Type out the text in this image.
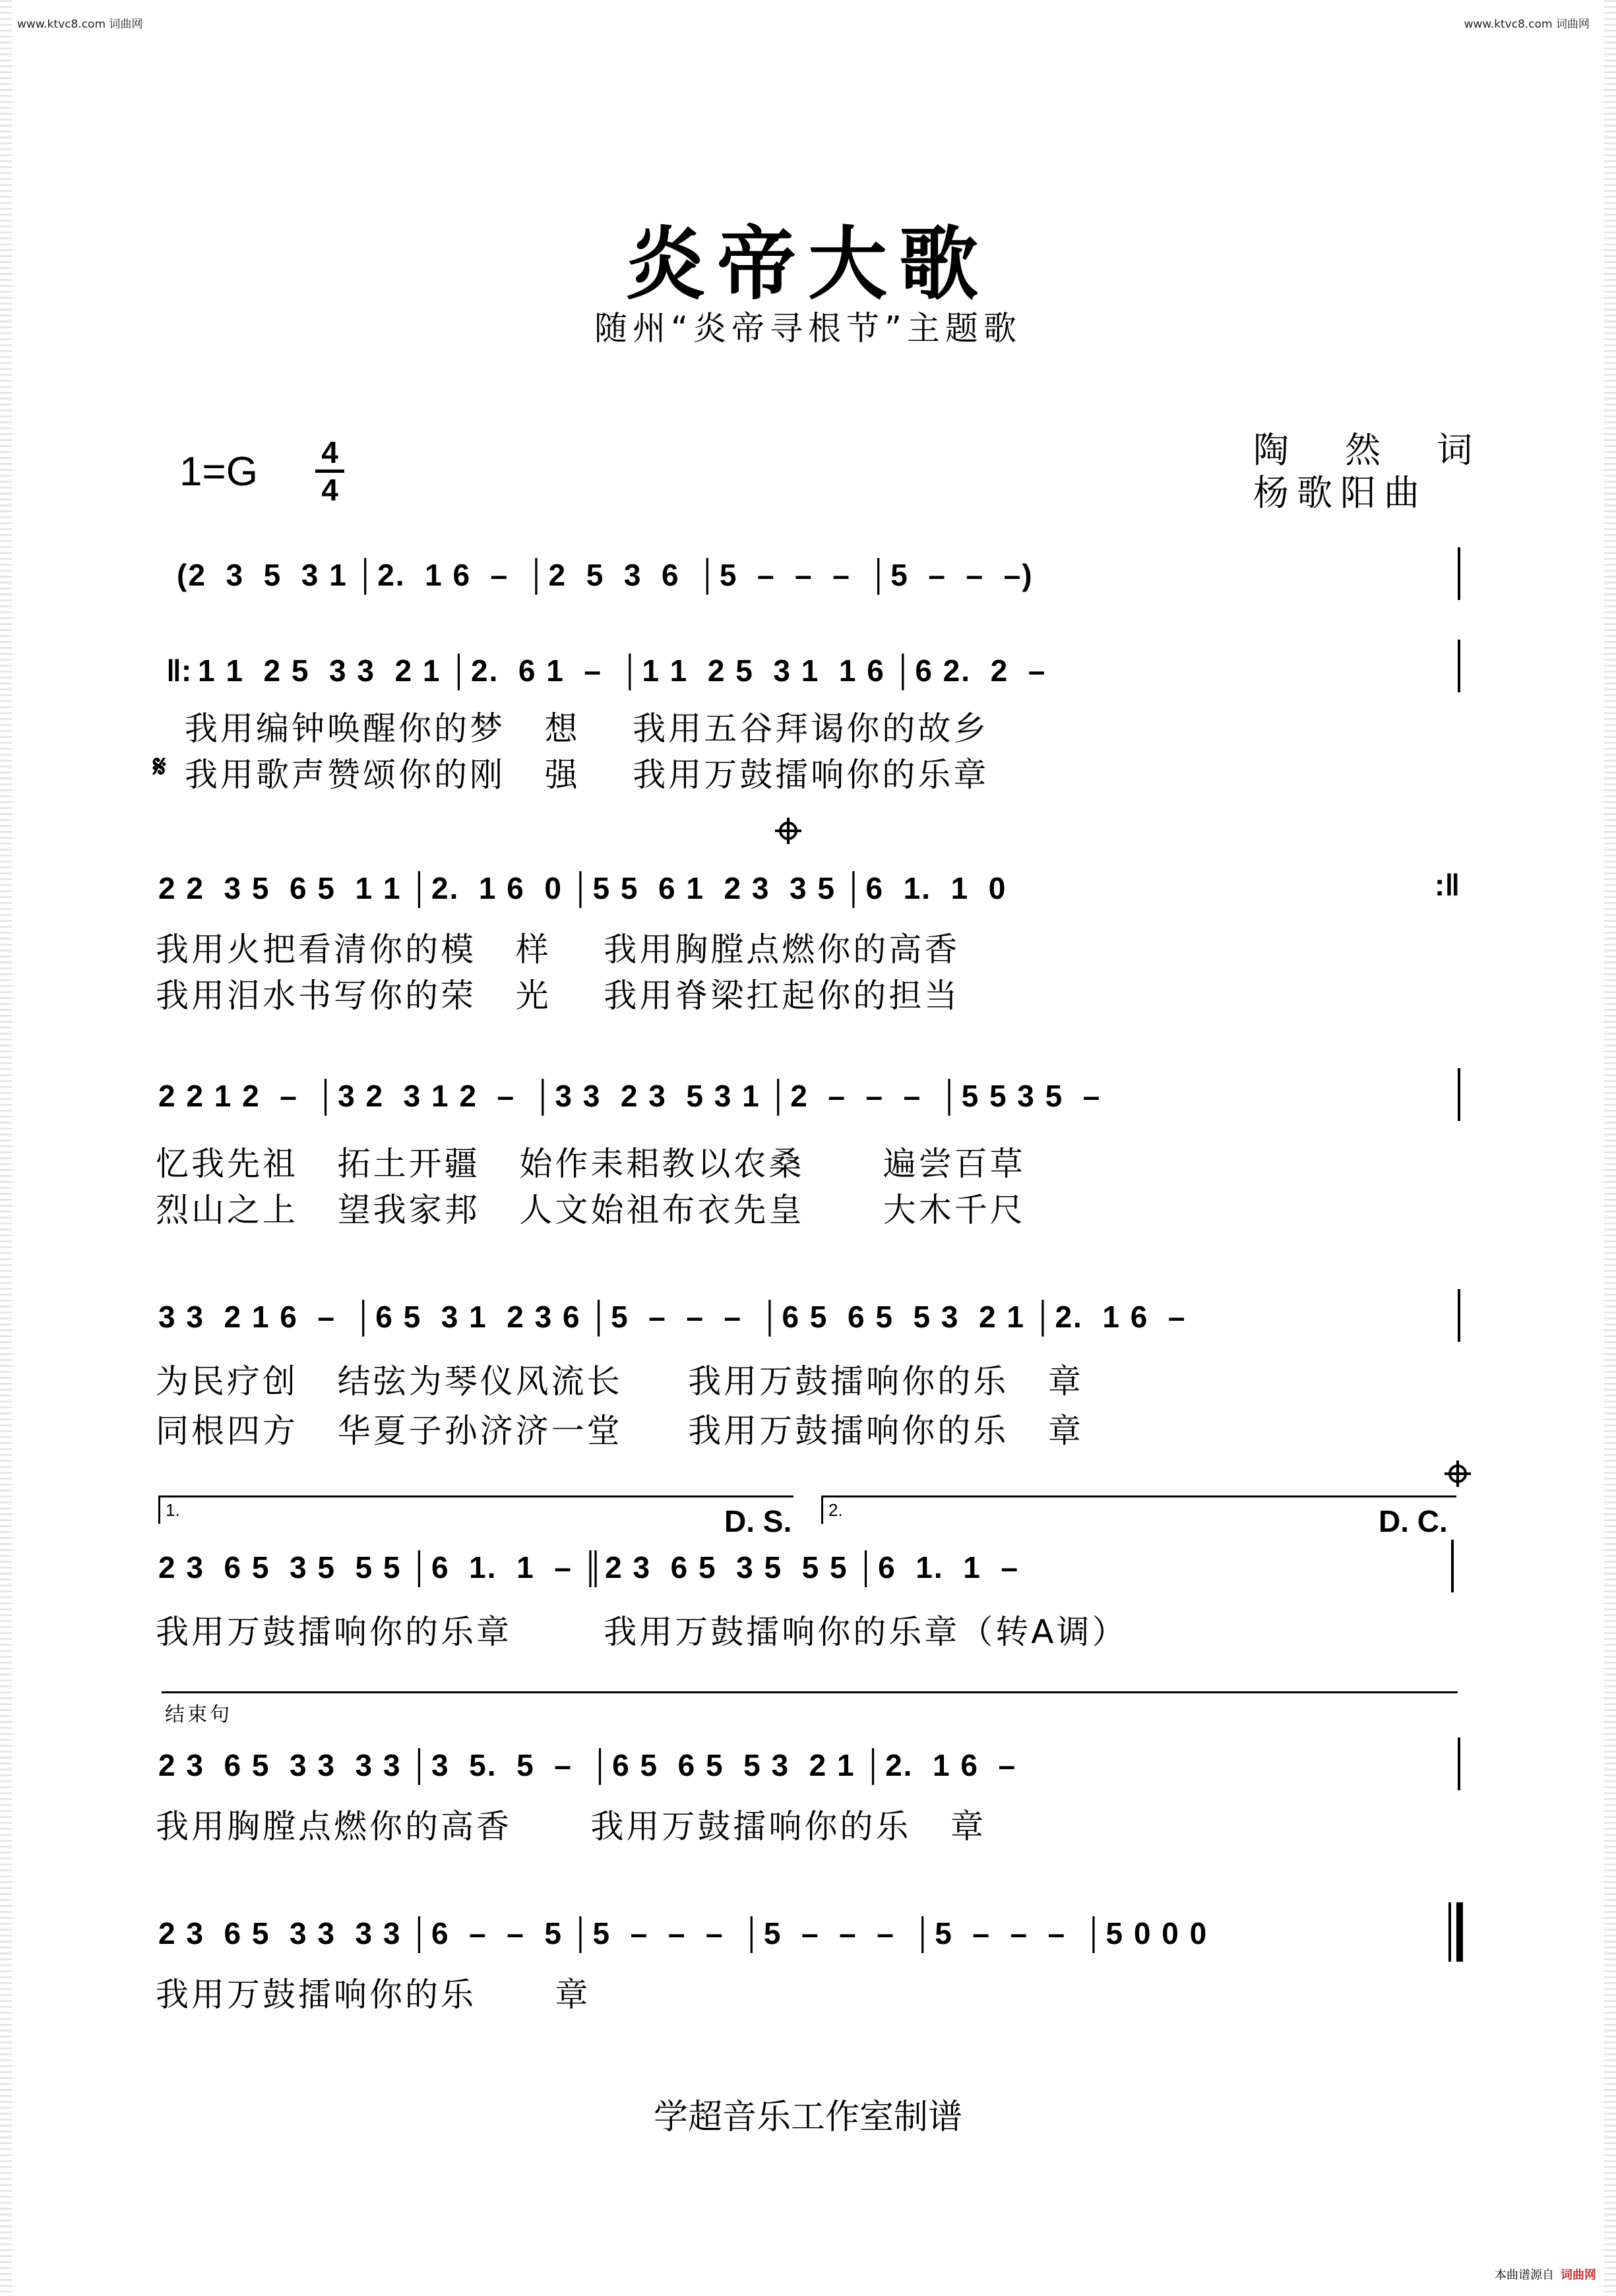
www.ktvc8.com 词曲网	www.ktvc8.com 词曲网
炎帝大歌
随州“炎帝寻根节”主题歌
1=G 4
4
陶 然 词
杨歌阳曲
(2  3  5  3 1 │2.  1 6  –  │2  5  3  6  │5  –  –  –  │5  –  –  –)
‖: 1 1  2 5  3 3  2 1 │2.  6 1  –  │1 1  2 5  3 1  1 6 │6 2.  2  –
我用编钟唤醒你的梦   想    我用五谷拜谒你的故乡
𝄋 我用歌声赞颂你的刚   强    我用万鼓擂响你的乐章
2 2  3 5  6 5  1 1 │2.  1 6  0 │5 5  6 1  2 3  3 5 │6  1.  1  0	:‖
我用火把看清你的模   样    我用胸膛点燃你的高香
我用泪水书写你的荣   光    我用脊梁扛起你的担当
2 2 1 2  –  │3 2  3 1 2  –  │3 3  2 3  5 3 1 │2  –  –  –  │5 5 3 5  –
忆我先祖   拓土开疆   始作耒耜教以农桑      遍尝百草
烈山之上   望我家邦   人文始祖布衣先皇      大木千尺
3 3  2 1 6  –  │6 5  3 1  2 3 6 │5  –  –  –  │6 5  6 5  5 3  2 1 │2.  1 6  –
为民疗创   结弦为琴仪风流长     我用万鼓擂响你的乐   章
同根四方   华夏子孙济济一堂     我用万鼓擂响你的乐   章
1.	2.
D. S.	D. C.
2 3  6 5  3 5  5 5 │6  1.  1  – ║2 3  6 5  3 5  5 5 │6  1.  1  –
我用万鼓擂响你的乐章       我用万鼓擂响你的乐章（转A调）
结束句
2 3  6 5  3 3  3 3 │3  5.  5  –  │6 5  6 5  5 3  2 1 │2.  1 6  –
我用胸膛点燃你的高香      我用万鼓擂响你的乐   章
2 3  6 5  3 3  3 3 │6  –  –  5 │5  –  –  –  │5  –  –  –  │5  –  –  –  │5 0 0 0
我用万鼓擂响你的乐      章
学超音乐工作室制谱
本曲谱源自 词曲网
